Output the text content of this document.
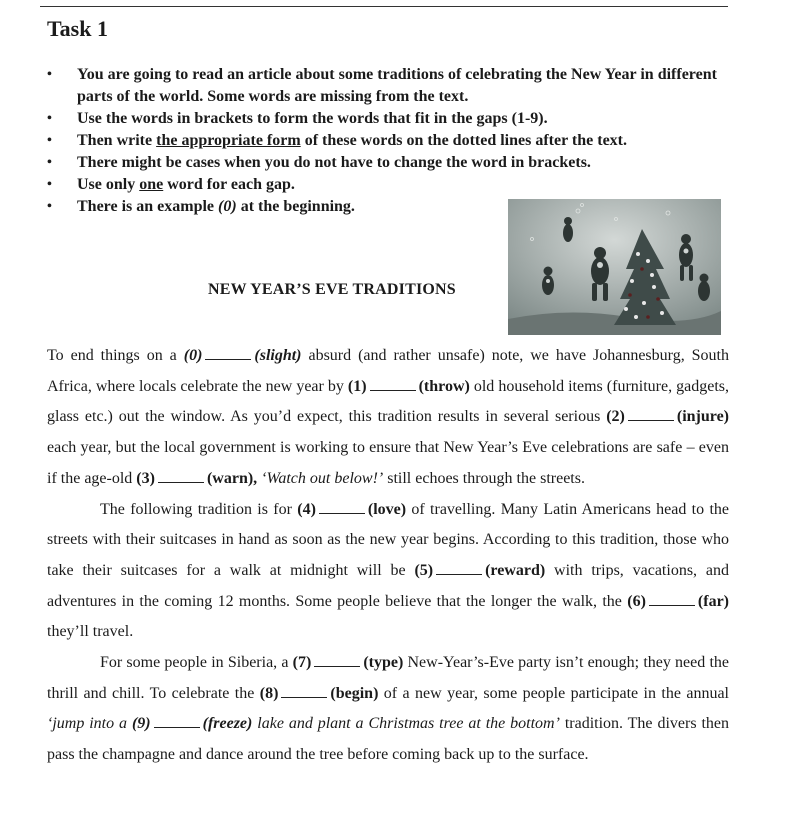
Task 1
• You are going to read an article about some traditions of celebrating the New Year in different parts of the world. Some words are missing from the text.
• Use the words in brackets to form the words that fit in the gaps (1-9).
• Then write the appropriate form of these words on the dotted lines after the text.
• There might be cases when you do not have to change the word in brackets.
• Use only one word for each gap.
• There is an example (0) at the beginning.
NEW YEAR’S EVE TRADITIONS

To end things on a (0)	(slight) absurd (and rather unsafe) note, we have Johannesburg, South Africa, where locals celebrate the new year by (1)	(throw) old household items (furniture, gadgets, glass etc.) out the window. As you’d expect, this tradition results in several serious (2)	(injure) each year, but the local government is working to ensure that New Year’s Eve celebrations are safe – even if the age-old (3)	(warn), ‘Watch out below!’ still echoes through the streets.

The following tradition is for (4)	(love) of travelling. Many Latin Americans head to the streets with their suitcases in hand as soon as the new year begins. According to this tradition, those who take their suitcases for a walk at midnight will be (5)	(reward) with trips, vacations, and adventures in the coming 12 months. Some people believe that the longer the walk, the (6)	(far) they’ll travel.

For some people in Siberia, a (7)	(type) New-Year’s-Eve party isn’t enough; they need the thrill and chill. To celebrate the (8)	(begin) of a new year, some people participate in the annual ‘jump into a (9)	(freeze) lake and plant a Christmas tree at the bottom’ tradition. The divers then pass the champagne and dance around the tree before coming back up to the surface.
